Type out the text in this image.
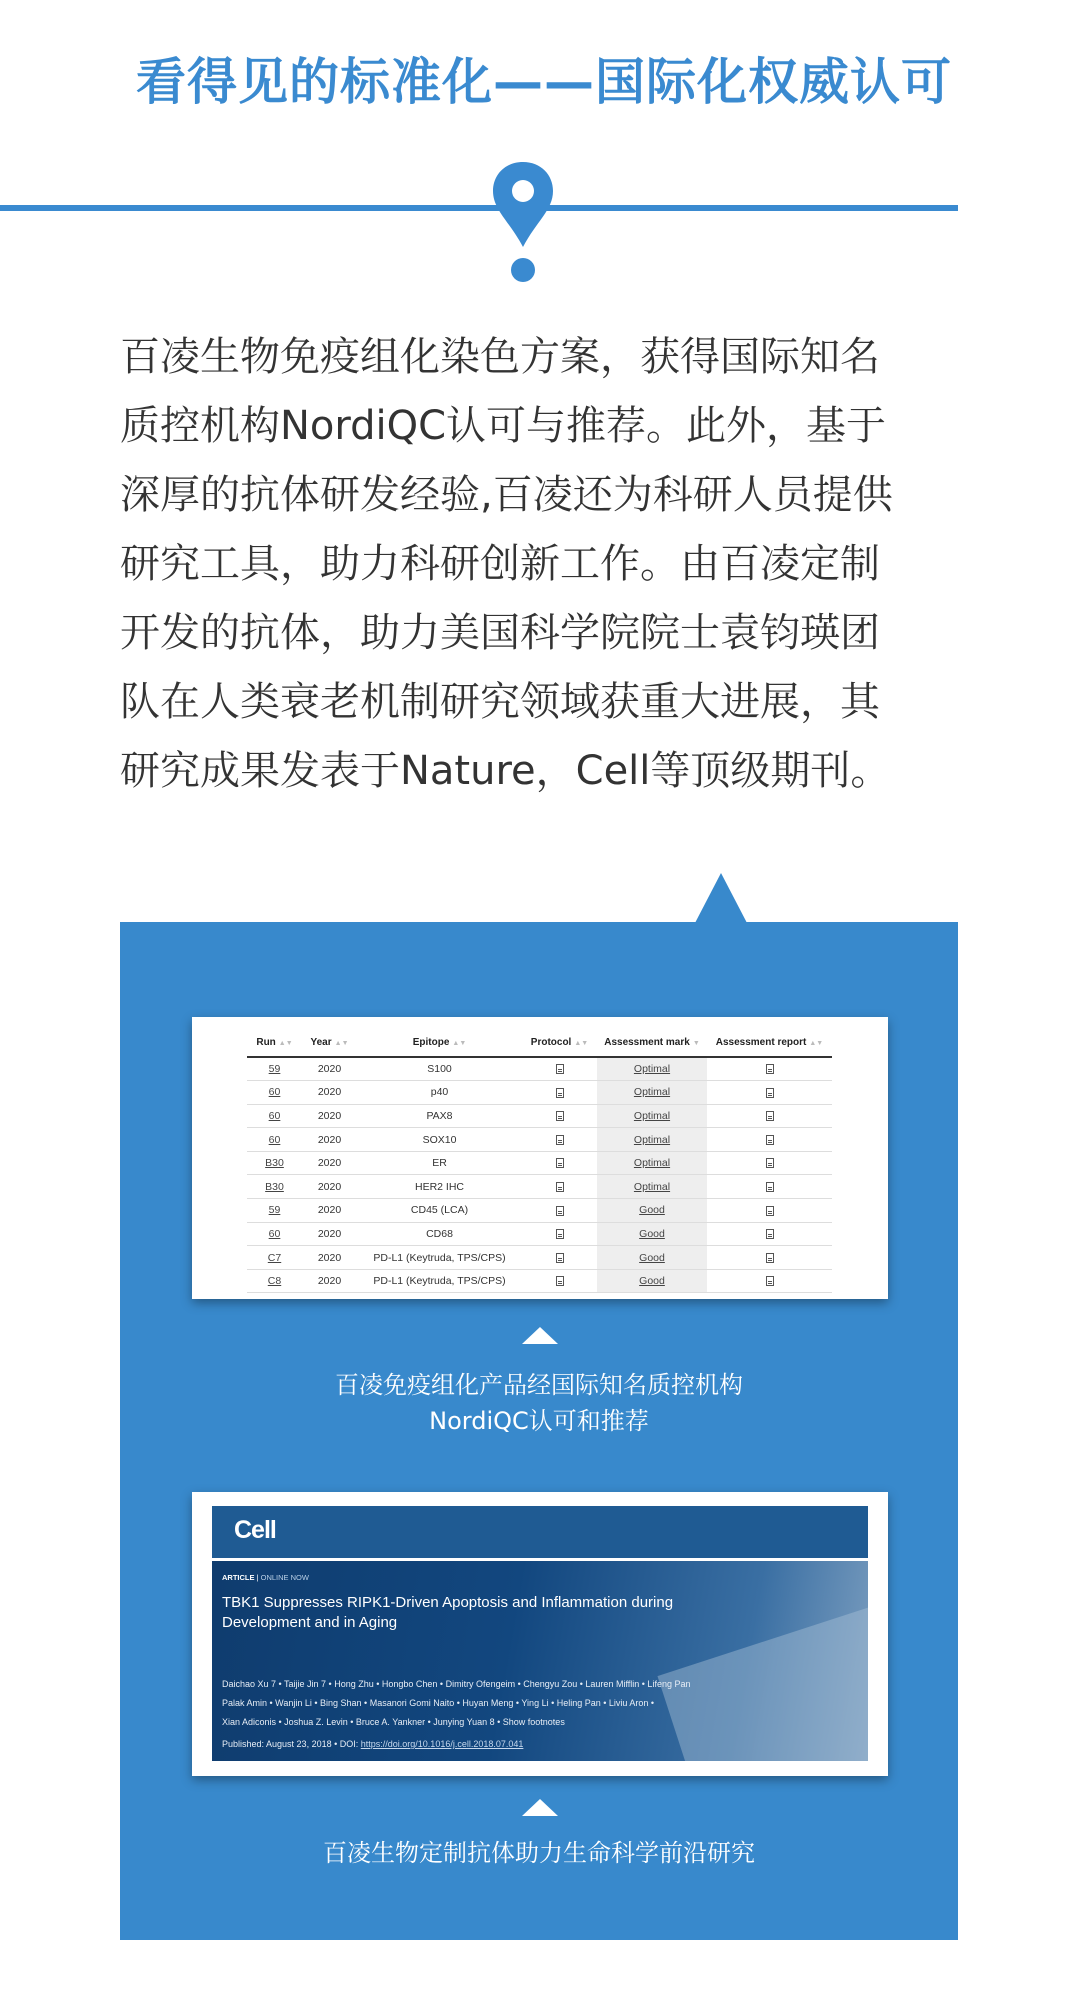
看得见的标准化——国际化权威认可
百凌生物免疫组化染色方案，获得国际知名
质控机构NordiQC认可与推荐。此外，基于
深厚的抗体研发经验,百凌还为科研人员提供
研究工具，助力科研创新工作。由百凌定制
开发的抗体，助力美国科学院院士袁钧瑛团
队在人类衰老机制研究领域获重大进展，其
研究成果发表于Nature，Cell等顶级期刊。
Run ▲▼	Year ▲▼	Epitope ▲▼	Protocol ▲▼	Assessment mark ▼	Assessment report ▲▼
59	2020	S100		Optimal	
60	2020	p40		Optimal	
60	2020	PAX8		Optimal	
60	2020	SOX10		Optimal	
B30	2020	ER		Optimal	
B30	2020	HER2 IHC		Optimal	
59	2020	CD45 (LCA)		Good	
60	2020	CD68		Good	
C7	2020	PD-L1 (Keytruda, TPS/CPS)		Good	
C8	2020	PD-L1 (Keytruda, TPS/CPS)		Good	
百凌免疫组化产品经国际知名质控机构
NordiQC认可和推荐
Cell
ARTICLE | ONLINE NOW
TBK1 Suppresses RIPK1-Driven Apoptosis and Inflammation during Development and in Aging
Daichao Xu 7 • Taijie Jin 7 • Hong Zhu • Hongbo Chen • Dimitry Ofengeim • Chengyu Zou • Lauren Mifflin • Lifeng Pan
Palak Amin • Wanjin Li • Bing Shan • Masanori Gomi Naito • Huyan Meng • Ying Li • Heling Pan • Liviu Aron •
Xian Adiconis • Joshua Z. Levin • Bruce A. Yankner • Junying Yuan 8 • Show footnotes
Published: August 23, 2018 • DOI: https://doi.org/10.1016/j.cell.2018.07.041
百凌生物定制抗体助力生命科学前沿研究
